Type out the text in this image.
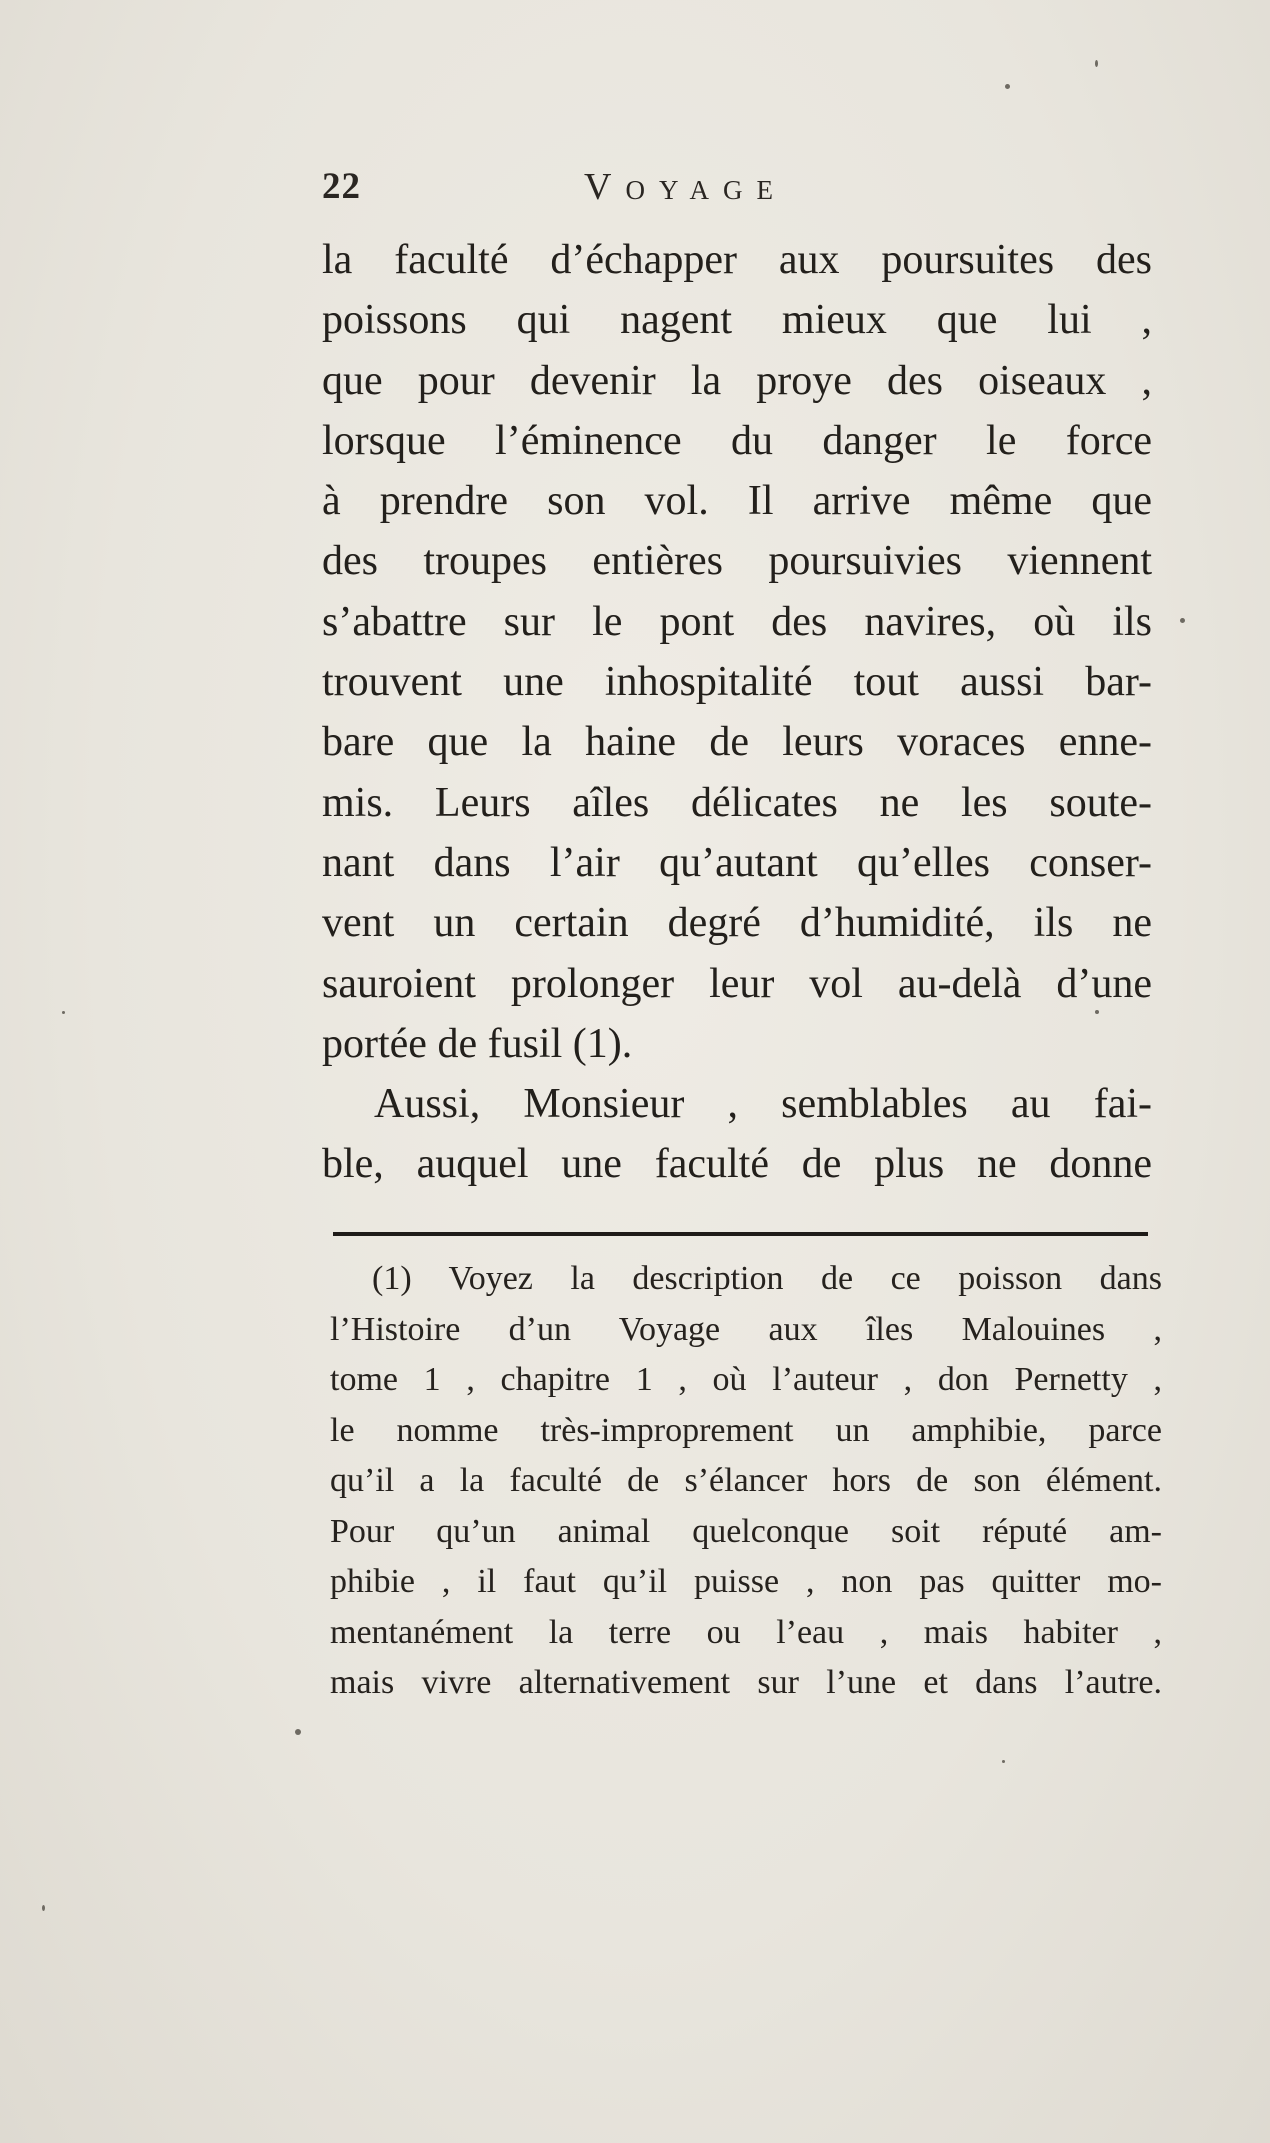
22	Voyage
la faculté d’échapper aux poursuites des
poissons qui nagent mieux que lui ,
que pour devenir la proye des oiseaux ,
lorsque l’éminence du danger le force
à prendre son vol. Il arrive même que
des troupes entières poursuivies viennent
s’abattre sur le pont des navires, où ils
trouvent une inhospitalité tout aussi bar-
bare que la haine de leurs voraces enne-
mis. Leurs aîles délicates ne les soute-
nant dans l’air qu’autant qu’elles conser-
vent un certain degré d’humidité, ils ne
sauroient prolonger leur vol au-delà d’une
portée de fusil (1).
Aussi, Monsieur , semblables au fai-
ble, auquel une faculté de plus ne donne
(1) Voyez la description de ce poisson dans
l’Histoire d’un Voyage aux îles Malouines ,
tome 1 , chapitre 1 , où l’auteur , don Pernetty ,
le nomme très-improprement un amphibie, parce
qu’il a la faculté de s’élancer hors de son élément.
Pour qu’un animal quelconque soit réputé am-
phibie , il faut qu’il puisse , non pas quitter mo-
mentanément la terre ou l’eau , mais habiter ,
mais vivre alternativement sur l’une et dans l’autre.
